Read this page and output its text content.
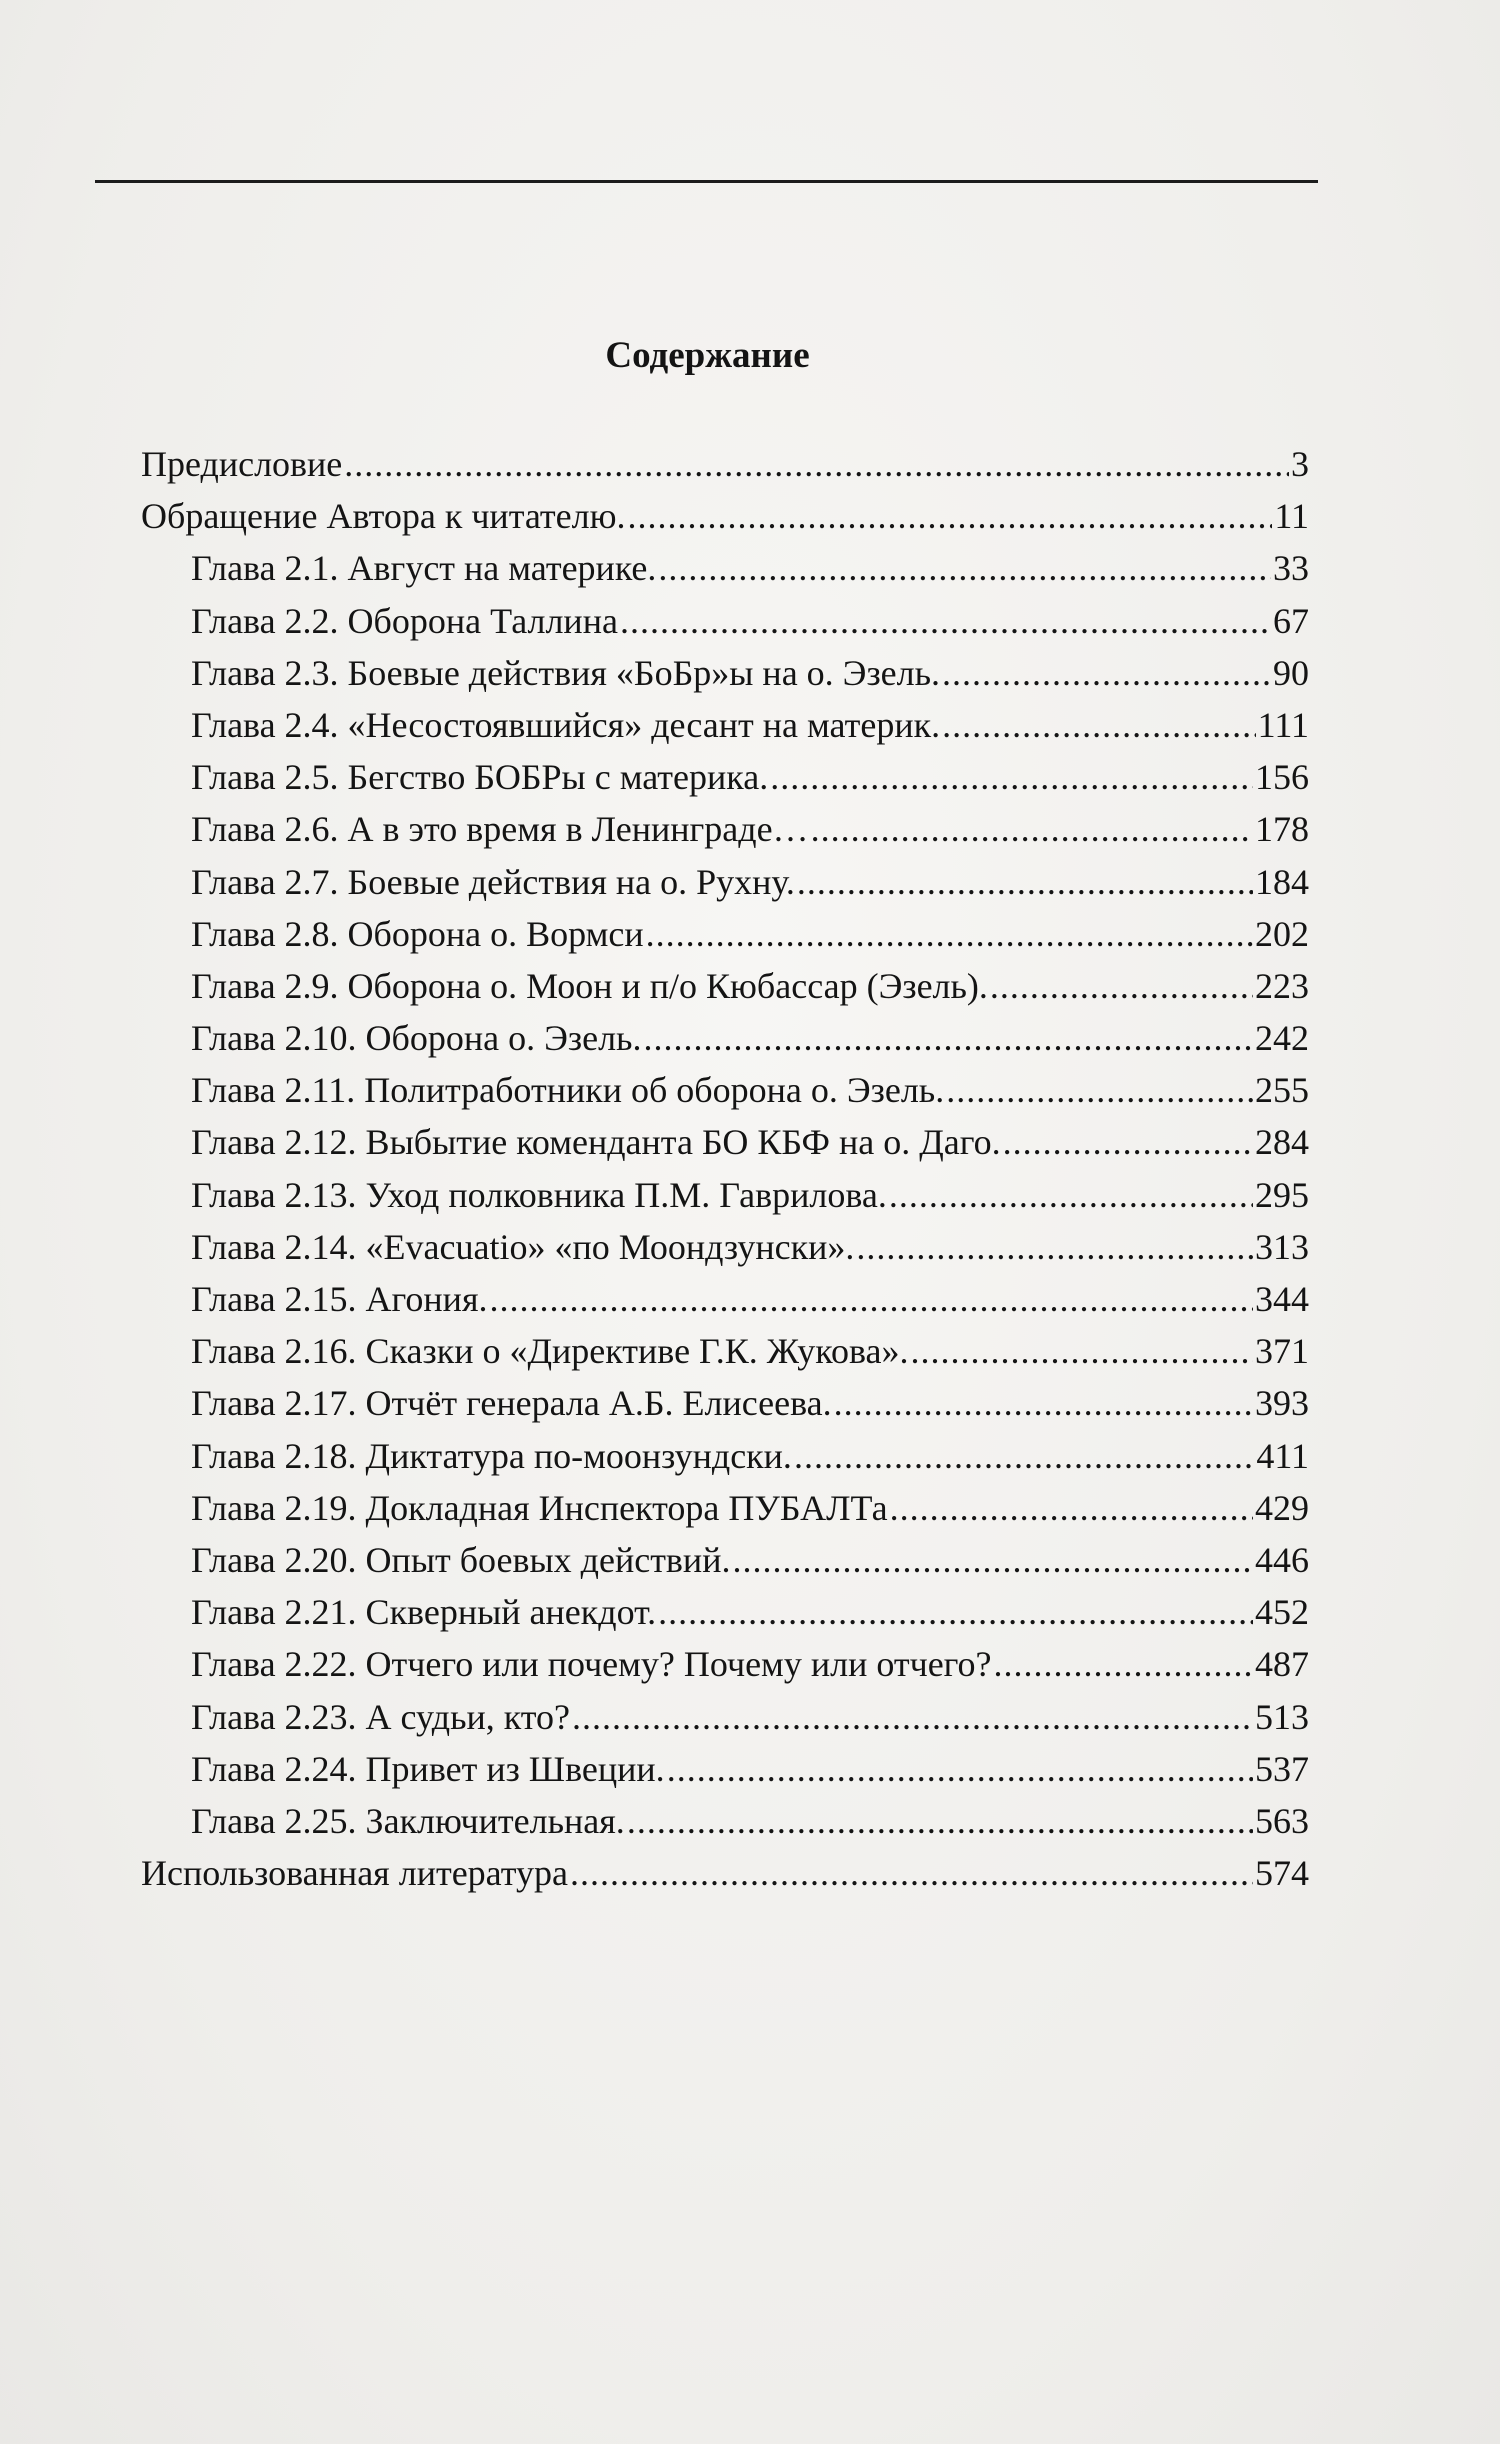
Содержание
Предисловие .....	3
Обращение Автора к читателю. .....	11
Глава 2.1. Август на материке. .....	33
Глава 2.2. Оборона Таллина .....	67
Глава 2.3. Боевые действия «БоБр»ы на о. Эзель. .....	90
Глава 2.4. «Несостоявшийся» десант на материк. .....	111
Глава 2.5. Бегство БОБРы с материка. .....	156
Глава 2.6. А в это время в Ленинграде… .....	178
Глава 2.7. Боевые действия на о. Рухну. .....	184
Глава 2.8. Оборона о. Вормси .....	202
Глава 2.9. Оборона о. Моон и п/о Кюбассар (Эзель). .....	223
Глава 2.10. Оборона о. Эзель. .....	242
Глава 2.11. Политработники об оборона о. Эзель. .....	255
Глава 2.12. Выбытие коменданта БО КБФ на о. Даго. .....	284
Глава 2.13. Уход полковника П.М. Гаврилова. .....	295
Глава 2.14. «Evacuatio» «по Моондзунски». .....	313
Глава 2.15. Агония. .....	344
Глава 2.16. Сказки о «Директиве Г.К. Жукова». .....	371
Глава 2.17. Отчёт генерала А.Б. Елисеева. .....	393
Глава 2.18. Диктатура по-моонзундски. .....	411
Глава 2.19. Докладная Инспектора ПУБАЛТа .....	429
Глава 2.20. Опыт боевых действий. .....	446
Глава 2.21. Скверный анекдот. .....	452
Глава 2.22. Отчего или почему? Почему или отчего? .....	487
Глава 2.23. А судьи, кто? .....	513
Глава 2.24. Привет из Швеции. .....	537
Глава 2.25. Заключительная. .....	563
Использованная литература .....	574
